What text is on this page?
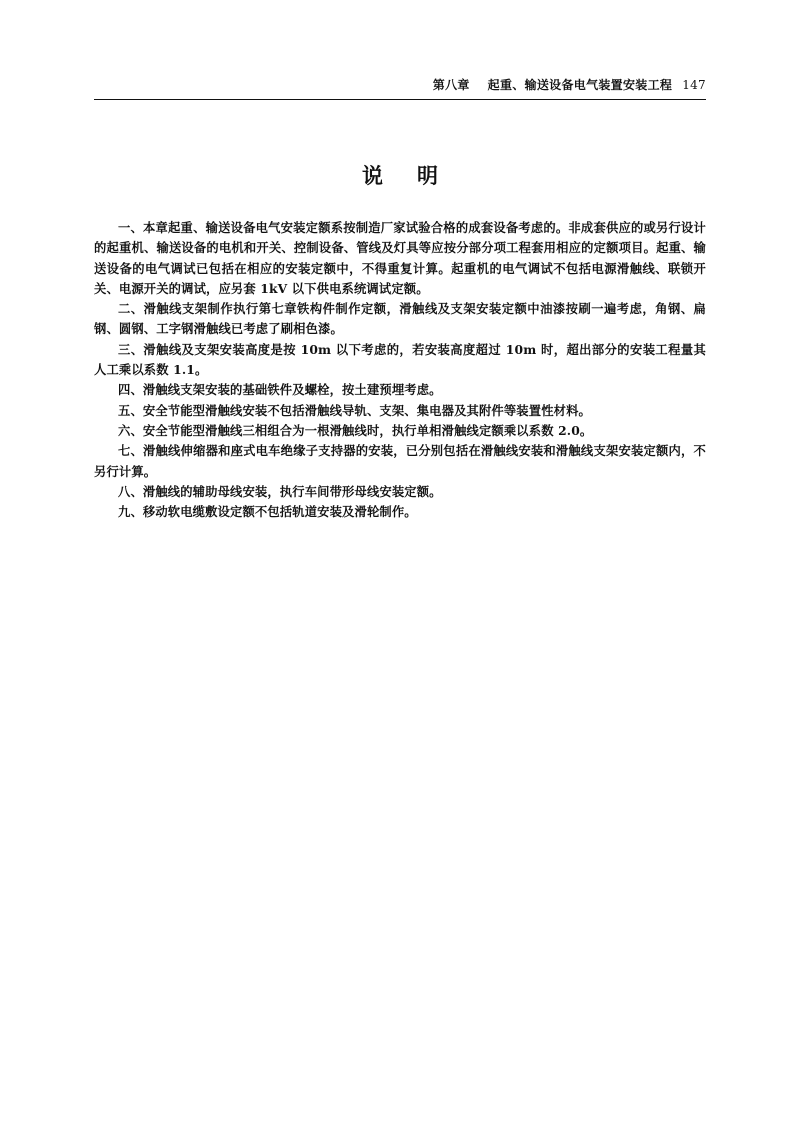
第八章 起重、输送设备电气装置安装工程 147
说明

一、本章起重、输送设备电气安装定额系按制造厂家试验合格的成套设备考虑的。非成套供应的或另行设计的起重机、输送设备的电机和开关、控制设备、管线及灯具等应按分部分项工程套用相应的定额项目。起重、输送设备的电气调试已包括在相应的安装定额中，不得重复计算。起重机的电气调试不包括电源滑触线、联锁开关、电源开关的调试，应另套 1kV 以下供电系统调试定额。

二、滑触线支架制作执行第七章铁构件制作定额，滑触线及支架安装定额中油漆按刷一遍考虑，角钢、扁钢、圆钢、工字钢滑触线已考虑了刷相色漆。

三、滑触线及支架安装高度是按 10m 以下考虑的，若安装高度超过 10m 时，超出部分的安装工程量其人工乘以系数 1.1。

四、滑触线支架安装的基础铁件及螺栓，按土建预埋考虑。

五、安全节能型滑触线安装不包括滑触线导轨、支架、集电器及其附件等装置性材料。

六、安全节能型滑触线三相组合为一根滑触线时，执行单相滑触线定额乘以系数 2.0。

七、滑触线伸缩器和座式电车绝缘子支持器的安装，已分别包括在滑触线安装和滑触线支架安装定额内，不另行计算。

八、滑触线的辅助母线安装，执行车间带形母线安装定额。

九、移动软电缆敷设定额不包括轨道安装及滑轮制作。
